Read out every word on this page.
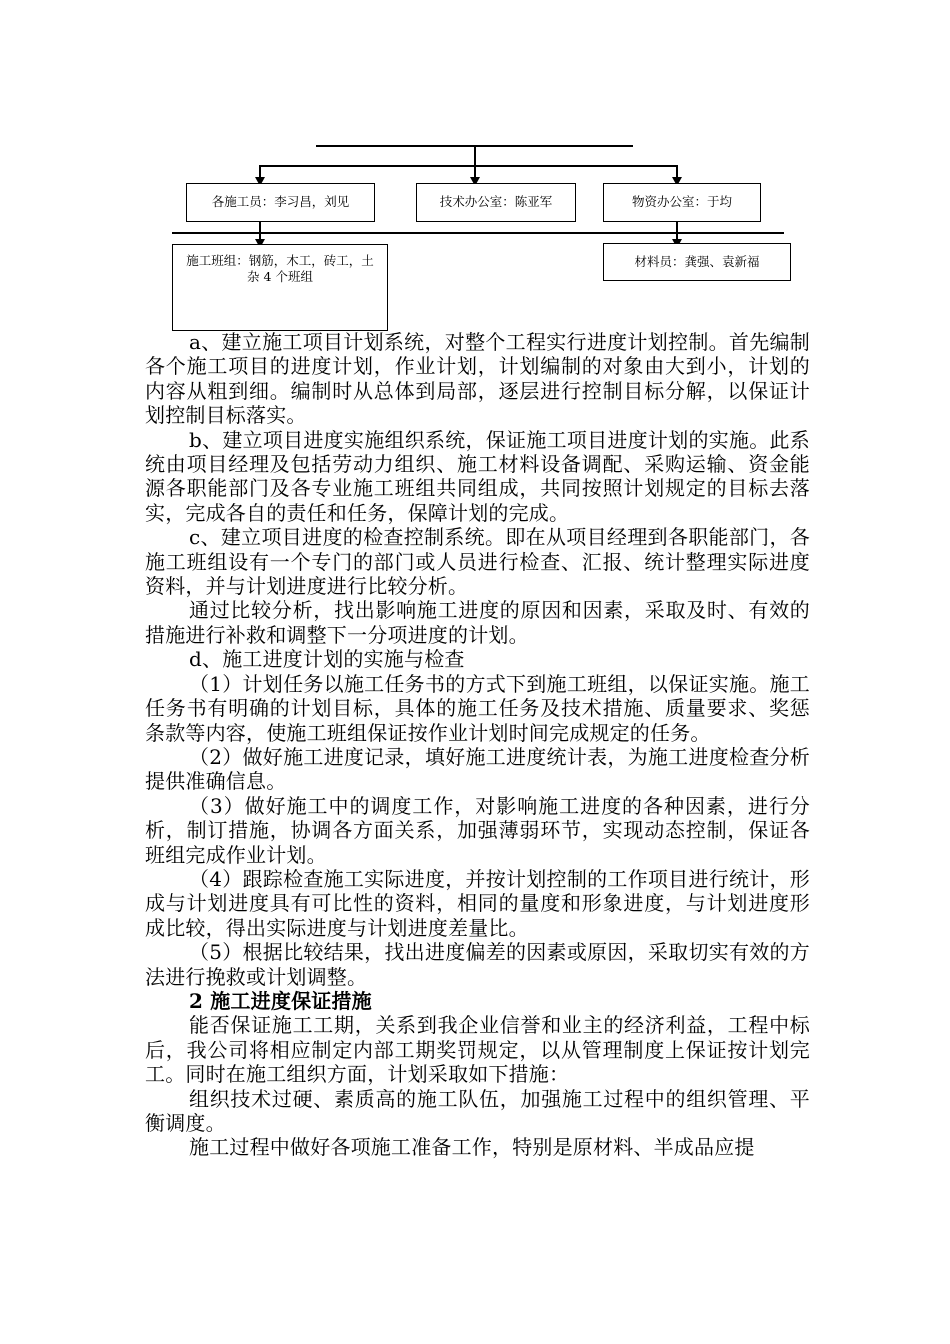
各施工员：李习昌，刘见	技术办公室：陈亚军	物资办公室：于均
施工班组：钢筋，木工，砖工，土杂 4 个班组
材料员：龚强、袁新福

a、建立施工项目计划系统，对整个工程实行进度计划控制。首先编制各个施工项目的进度计划，作业计划，计划编制的对象由大到小，计划的内容从粗到细。编制时从总体到局部，逐层进行控制目标分解，以保证计划控制目标落实。

b、建立项目进度实施组织系统，保证施工项目进度计划的实施。此系统由项目经理及包括劳动力组织、施工材料设备调配、采购运输、资金能源各职能部门及各专业施工班组共同组成，共同按照计划规定的目标去落实，完成各自的责任和任务，保障计划的完成。

c、建立项目进度的检查控制系统。即在从项目经理到各职能部门，各施工班组设有一个专门的部门或人员进行检查、汇报、统计整理实际进度资料，并与计划进度进行比较分析。

通过比较分析，找出影响施工进度的原因和因素，采取及时、有效的措施进行补救和调整下一分项进度的计划。

d、施工进度计划的实施与检查

（1）计划任务以施工任务书的方式下到施工班组，以保证实施。施工任务书有明确的计划目标，具体的施工任务及技术措施、质量要求、奖惩条款等内容，使施工班组保证按作业计划时间完成规定的任务。

（2）做好施工进度记录，填好施工进度统计表，为施工进度检查分析提供准确信息。

（3）做好施工中的调度工作，对影响施工进度的各种因素，进行分析，制订措施，协调各方面关系，加强薄弱环节，实现动态控制，保证各班组完成作业计划。

（4）跟踪检查施工实际进度，并按计划控制的工作项目进行统计，形成与计划进度具有可比性的资料，相同的量度和形象进度，与计划进度形成比较，得出实际进度与计划进度差量比。

（5）根据比较结果，找出进度偏差的因素或原因，采取切实有效的方法进行挽救或计划调整。

2 施工进度保证措施

能否保证施工工期，关系到我企业信誉和业主的经济利益，工程中标后，我公司将相应制定内部工期奖罚规定，以从管理制度上保证按计划完工。同时在施工组织方面，计划采取如下措施：

组织技术过硬、素质高的施工队伍，加强施工过程中的组织管理、平衡调度。

施工过程中做好各项施工准备工作，特别是原材料、半成品应提
